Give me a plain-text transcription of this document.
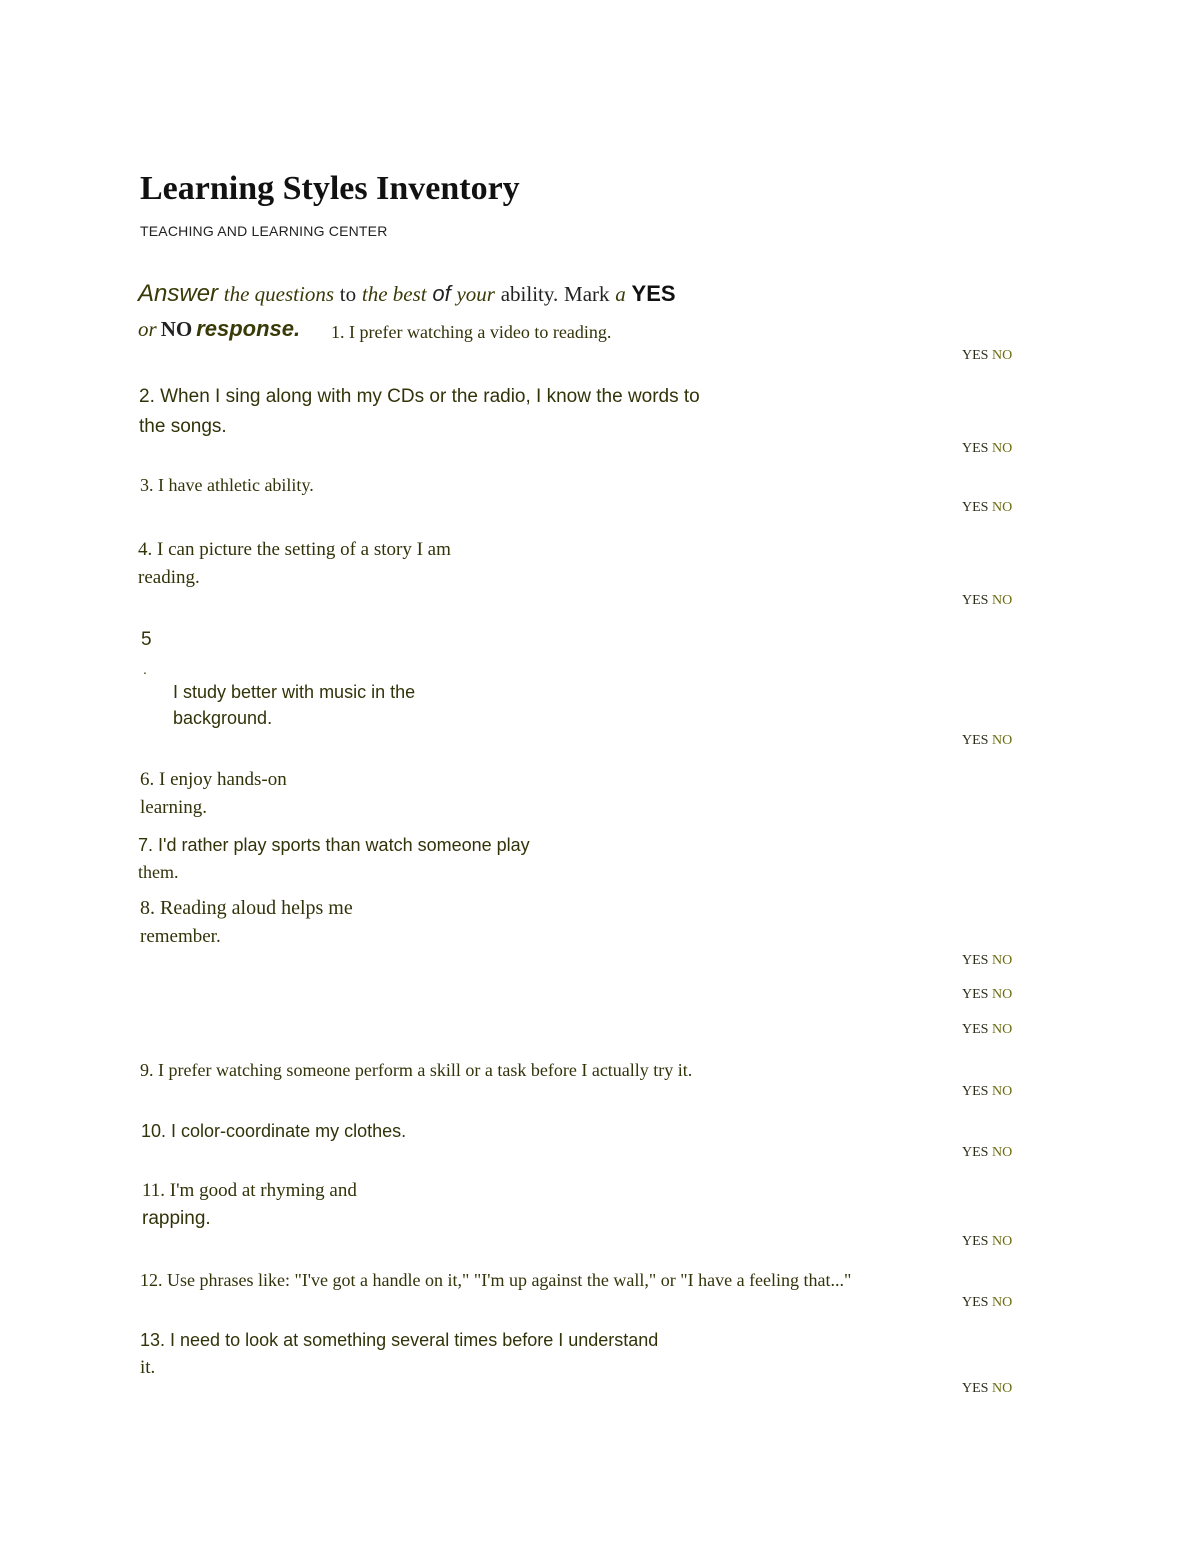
Learning Styles Inventory
TEACHING AND LEARNING CENTER
Answer the questions to the best of your ability. Mark a YES
or NO response. 1. I prefer watching a video to reading.
YES NO
2. When I sing along with my CDs or the radio, I know the words to
the songs.
YES NO
3. I have athletic ability.
YES NO
4. I can picture the setting of a story I am
reading.
YES NO
5
.
I study better with music in the
background.
YES NO
6. I enjoy hands-on
learning.
7. I'd rather play sports than watch someone play
them.
8. Reading aloud helps me
remember.
YES NO
YES NO
YES NO
9. I prefer watching someone perform a skill or a task before I actually try it.
YES NO
10. I color-coordinate my clothes.
YES NO
11. I'm good at rhyming and
rapping.
YES NO
12. Use phrases like: "I've got a handle on it," "I'm up against the wall," or "I have a feeling that..."
YES NO
13. I need to look at something several times before I understand
it.
YES NO
